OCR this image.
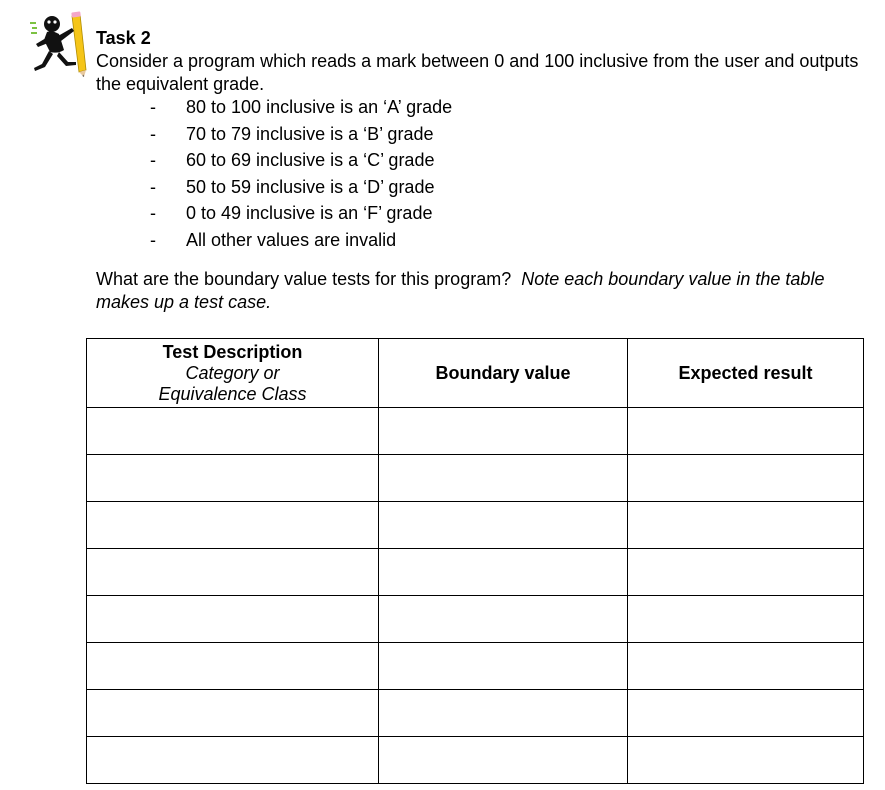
Task 2

Consider a program which reads a mark between 0 and 100 inclusive from the user and outputs the equivalent grade.

- 80 to 100 inclusive is an ‘A’ grade
- 70 to 79 inclusive is a ‘B’ grade
- 60 to 69 inclusive is a ‘C’ grade
- 50 to 59 inclusive is a ‘D’ grade
- 0 to 49 inclusive is an ‘F’ grade
- All other values are invalid
What are the boundary value tests for this program? Note each boundary value in the table makes up a test case.
Test Description
Category or
Equivalence Class	Boundary value	Expected result
